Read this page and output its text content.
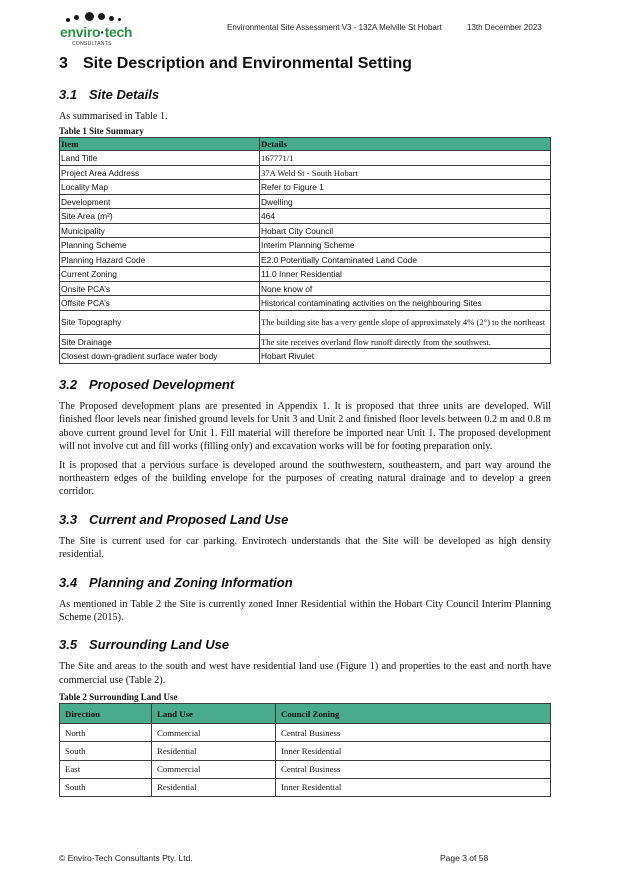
enviro·tech
CONSULTANTS
Environmental Site Assessment V3 - 132A Melville St Hobart	13th December 2023
3 Site Description and Environmental Setting
3.1 Site Details

As summarised in Table 1.

Table 1 Site Summary
Item	Details
Land Title	167771/1
Project Area Address	37A Weld St - South Hobart
Locality Map	Refer to Figure 1
Development	Dwelling
Site Area (m²)	464
Municipality	Hobart City Council
Planning Scheme	Interim Planning Scheme
Planning Hazard Code	E2.0 Potentially Contaminated Land Code
Current Zoning	11.0 Inner Residential
Onsite PCA’s	None know of
Offsite PCA’s	Historical contaminating activities on the neighbouring Sites
Site Topography	The building site has a very gentle slope of approximately 4% (2°) to the northeast
Site Drainage	The site receives overland flow runoff directly from the southwest.
Closest down-gradient surface water body	Hobart Rivulet
3.2 Proposed Development

The Proposed development plans are presented in Appendix 1. It is proposed that three units are developed. Will finished floor levels near finished ground levels for Unit 3 and Unit 2 and finished floor levels between 0.2 m and 0.8 m above current ground level for Unit 1. Fill material will therefore be imported near Unit 1. The proposed development will not involve cut and fill works (filling only) and excavation works will be for footing preparation only.

It is proposed that a pervious surface is developed around the southwestern, southeastern, and part way around the northeastern edges of the building envelope for the purposes of creating natural drainage and to develop a green corridor.

3.3 Current and Proposed Land Use

The Site is current used for car parking. Envirotech understands that the Site will be developed as high density residential.

3.4 Planning and Zoning Information

As mentioned in Table 2 the Site is currently zoned Inner Residential within the Hobart City Council Interim Planning Scheme (2015).

3.5 Surrounding Land Use

The Site and areas to the south and west have residential land use (Figure 1) and properties to the east and north have commercial use (Table 2).

Table 2 Surrounding Land Use
Direction	Land Use	Council Zoning
North	Commercial	Central Business
South	Residential	Inner Residential
East	Commercial	Central Business
South	Residential	Inner Residential
© Enviro-Tech Consultants Pty. Ltd.	Page 3 of 58
